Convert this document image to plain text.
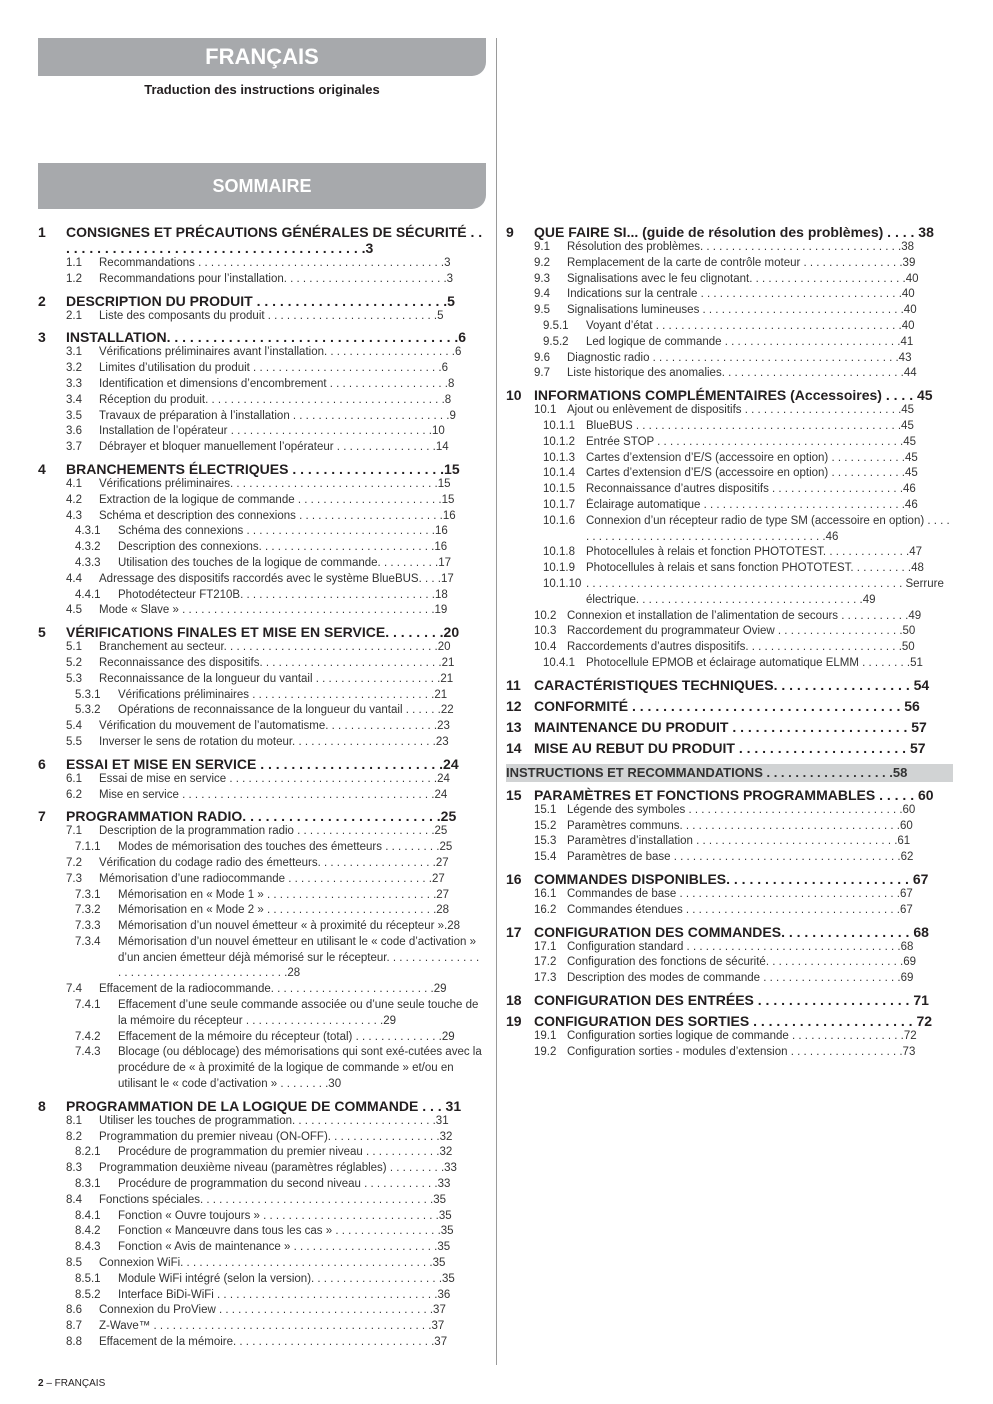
FRANÇAIS
Traduction des instructions originales
SOMMAIRE
1	CONSIGNES ET PRÉCAUTIONS GÉNÉRALES DE SÉCURITÉ . . . . . . . . . . . . . . . . . . . . . . . . . . . . . . . . . . . . . . . . .3
1.1	Recommandations . . . . . . . . . . . . . . . . . . . . . . . . . . . . . . . . . . . . . . .3
1.2	Recommandations pour l’installation. . . . . . . . . . . . . . . . . . . . . . . . . .3
2	DESCRIPTION DU PRODUIT . . . . . . . . . . . . . . . . . . . . . . . . .5
2.1	Liste des composants du produit . . . . . . . . . . . . . . . . . . . . . . . . . . .5
3	INSTALLATION. . . . . . . . . . . . . . . . . . . . . . . . . . . . . . . . . . . . . .6
3.1	Vérifications préliminaires avant l’installation. . . . . . . . . . . . . . . . . . . . .6
3.2	Limites d’utilisation du produit . . . . . . . . . . . . . . . . . . . . . . . . . . . . . .6
3.3	Identification et dimensions d’encombrement . . . . . . . . . . . . . . . . . . .8
3.4	Réception du produit. . . . . . . . . . . . . . . . . . . . . . . . . . . . . . . . . . . . . .8
3.5	Travaux de préparation à l’installation . . . . . . . . . . . . . . . . . . . . . . . . .9
3.6	Installation de l’opérateur . . . . . . . . . . . . . . . . . . . . . . . . . . . . . . . .10
3.7	Débrayer et bloquer manuellement l’opérateur . . . . . . . . . . . . . . . .14
4	BRANCHEMENTS ÉLECTRIQUES . . . . . . . . . . . . . . . . . . . .15
4.1	Vérifications préliminaires. . . . . . . . . . . . . . . . . . . . . . . . . . . . . . . . .15
4.2	Extraction de la logique de commande . . . . . . . . . . . . . . . . . . . . . . .15
4.3	Schéma et description des connexions . . . . . . . . . . . . . . . . . . . . . . .16
4.3.1	Schéma des connexions . . . . . . . . . . . . . . . . . . . . . . . . . . . . . .16
4.3.2	Description des connexions. . . . . . . . . . . . . . . . . . . . . . . . . . . .16
4.3.3	Utilisation des touches de la logique de commande. . . . . . . . . .17
4.4	Adressage des dispositifs raccordés avec le système BlueBUS. . . .17
4.4.1	Photodétecteur FT210B. . . . . . . . . . . . . . . . . . . . . . . . . . . . . . .18
4.5	Mode « Slave » . . . . . . . . . . . . . . . . . . . . . . . . . . . . . . . . . . . . . . . .19
5	VÉRIFICATIONS FINALES ET MISE EN SERVICE. . . . . . . .20
5.1	Branchement au secteur. . . . . . . . . . . . . . . . . . . . . . . . . . . . . . . . . .20
5.2	Reconnaissance des dispositifs. . . . . . . . . . . . . . . . . . . . . . . . . . . . .21
5.3	Reconnaissance de la longueur du vantail . . . . . . . . . . . . . . . . . . . .21
5.3.1	Vérifications préliminaires . . . . . . . . . . . . . . . . . . . . . . . . . . . . .21
5.3.2	Opérations de reconnaissance de la longueur du vantail . . . . . .22
5.4	Vérification du mouvement de l’automatisme. . . . . . . . . . . . . . . . . .23
5.5	Inverser le sens de rotation du moteur. . . . . . . . . . . . . . . . . . . . . . .23
6	ESSAI ET MISE EN SERVICE . . . . . . . . . . . . . . . . . . . . . . . .24
6.1	Essai de mise en service . . . . . . . . . . . . . . . . . . . . . . . . . . . . . . . . .24
6.2	Mise en service . . . . . . . . . . . . . . . . . . . . . . . . . . . . . . . . . . . . . . . .24
7	PROGRAMMATION RADIO. . . . . . . . . . . . . . . . . . . . . . . . . .25
7.1	Description de la programmation radio . . . . . . . . . . . . . . . . . . . . . .25
7.1.1	Modes de mémorisation des touches des émetteurs . . . . . . . . .25
7.2	Vérification du codage radio des émetteurs. . . . . . . . . . . . . . . . . . .27
7.3	Mémorisation d’une radiocommande . . . . . . . . . . . . . . . . . . . . . . .27
7.3.1	Mémorisation en « Mode 1 » . . . . . . . . . . . . . . . . . . . . . . . . . . .27
7.3.2	Mémorisation en « Mode 2 » . . . . . . . . . . . . . . . . . . . . . . . . . . .28
7.3.3	Mémorisation d’un nouvel émetteur « à proximité du récepteur ».28
7.3.4	Mémorisation d’un nouvel émetteur en utilisant le « code d’activation » d’un ancien émetteur déjà mémorisé sur le récepteur. . . . . . . . . . . . . . . . . . . . . . . . . . . . . . . . . . . . . . . . . .28
7.4	Effacement de la radiocommande. . . . . . . . . . . . . . . . . . . . . . . . . .29
7.4.1	Effacement d’une seule commande associée ou d’une seule touche de la mémoire du récepteur . . . . . . . . . . . . . . . . . . . . . .29
7.4.2	Effacement de la mémoire du récepteur (total) . . . . . . . . . . . . . .29
7.4.3	Blocage (ou déblocage) des mémorisations qui sont exé-cutées avec la procédure de « à proximité de la logique de commande » et/ou en utilisant le « code d’activation » . . . . . . . .30
8	PROGRAMMATION DE LA LOGIQUE DE COMMANDE . . . 31
8.1	Utiliser les touches de programmation. . . . . . . . . . . . . . . . . . . . . . .31
8.2	Programmation du premier niveau (ON-OFF). . . . . . . . . . . . . . . . . .32
8.2.1	Procédure de programmation du premier niveau . . . . . . . . . . . .32
8.3	Programmation deuxième niveau (paramètres réglables) . . . . . . . . .33
8.3.1	Procédure de programmation du second niveau . . . . . . . . . . . .33
8.4	Fonctions spéciales. . . . . . . . . . . . . . . . . . . . . . . . . . . . . . . . . . . . .35
8.4.1	Fonction « Ouvre toujours » . . . . . . . . . . . . . . . . . . . . . . . . . . . .35
8.4.2	Fonction « Manœuvre dans tous les cas » . . . . . . . . . . . . . . . . .35
8.4.3	Fonction « Avis de maintenance » . . . . . . . . . . . . . . . . . . . . . . .35
8.5	Connexion WiFi. . . . . . . . . . . . . . . . . . . . . . . . . . . . . . . . . . . . . . . .35
8.5.1	Module WiFi intégré (selon la version). . . . . . . . . . . . . . . . . . . . .35
8.5.2	Interface BiDi-WiFi . . . . . . . . . . . . . . . . . . . . . . . . . . . . . . . . . . .36
8.6	Connexion du ProView . . . . . . . . . . . . . . . . . . . . . . . . . . . . . . . . . .37
8.7	Z-Wave™ . . . . . . . . . . . . . . . . . . . . . . . . . . . . . . . . . . . . . . . . . . . .37
8.8	Effacement de la mémoire. . . . . . . . . . . . . . . . . . . . . . . . . . . . . . . .37
9	QUE FAIRE SI... (guide de résolution des problèmes) . . . . 38
9.1	Résolution des problèmes. . . . . . . . . . . . . . . . . . . . . . . . . . . . . . . .38
9.2	Remplacement de la carte de contrôle moteur . . . . . . . . . . . . . . . .39
9.3	Signalisations avec le feu clignotant. . . . . . . . . . . . . . . . . . . . . . . . .40
9.4	Indications sur la centrale . . . . . . . . . . . . . . . . . . . . . . . . . . . . . . . .40
9.5	Signalisations lumineuses . . . . . . . . . . . . . . . . . . . . . . . . . . . . . . . .40
9.5.1	Voyant d’état . . . . . . . . . . . . . . . . . . . . . . . . . . . . . . . . . . . . . . .40
9.5.2	Led logique de commande . . . . . . . . . . . . . . . . . . . . . . . . . . . .41
9.6	Diagnostic radio . . . . . . . . . . . . . . . . . . . . . . . . . . . . . . . . . . . . . . .43
9.7	Liste historique des anomalies. . . . . . . . . . . . . . . . . . . . . . . . . . . . .44
10 INFORMATIONS COMPLÉMENTAIRES (Accessoires) . . . . 45
10.1 Ajout ou enlèvement de dispositifs . . . . . . . . . . . . . . . . . . . . . . . . .45
10.1.1 BlueBUS . . . . . . . . . . . . . . . . . . . . . . . . . . . . . . . . . . . . . . . . . .45
10.1.2 Entrée STOP . . . . . . . . . . . . . . . . . . . . . . . . . . . . . . . . . . . . . . .45
10.1.3 Cartes d’extension d’E/S (accessoire en option) . . . . . . . . . . . .45
10.1.4 Cartes d’extension d’E/S (accessoire en option) . . . . . . . . . . . .45
10.1.5 Reconnaissance d’autres dispositifs . . . . . . . . . . . . . . . . . . . . .46
10.1.7 Éclairage automatique . . . . . . . . . . . . . . . . . . . . . . . . . . . . . . . .46
10.1.6 Connexion d’un récepteur radio de type SM (accessoire en option) . . . . . . . . . . . . . . . . . . . . . . . . . . . . . . . . . . . . . . . . . .46
10.1.8 Photocellules à relais et fonction PHOTOTEST. . . . . . . . . . . . . .47
10.1.9 Photocellules à relais et sans fonction PHOTOTEST. . . . . . . . . .48
10.1.10 . . . . . . . . . . . . . . . . . . . . . . . . . . . . . . . . . . . . . . . . . . . . . . . . . . Serrure électrique. . . . . . . . . . . . . . . . . . . . . . . . . . . . . . . . . . . .49
10.2 Connexion et installation de l’alimentation de secours . . . . . . . . . . .49
10.3 Raccordement du programmateur Oview . . . . . . . . . . . . . . . . . . . .50
10.4 Raccordements d’autres dispositifs. . . . . . . . . . . . . . . . . . . . . . . . .50
10.4.1 Photocellule EPMOB et éclairage automatique ELMM . . . . . . . .51
11 CARACTÉRISTIQUES TECHNIQUES. . . . . . . . . . . . . . . . . . 54
12 CONFORMITÉ . . . . . . . . . . . . . . . . . . . . . . . . . . . . . . . . . . . 56
13 MAINTENANCE DU PRODUIT . . . . . . . . . . . . . . . . . . . . . . . 57
14 MISE AU REBUT DU PRODUIT . . . . . . . . . . . . . . . . . . . . . . 57
INSTRUCTIONS ET RECOMMANDATIONS . . . . . . . . . . . . . . . . . .58
15 PARAMÈTRES ET FONCTIONS PROGRAMMABLES . . . . . 60
15.1 Légende des symboles . . . . . . . . . . . . . . . . . . . . . . . . . . . . . . . . . .60
15.2 Paramètres communs. . . . . . . . . . . . . . . . . . . . . . . . . . . . . . . . . . .60
15.3 Paramètres d’installation . . . . . . . . . . . . . . . . . . . . . . . . . . . . . . . .61
15.4 Paramètres de base . . . . . . . . . . . . . . . . . . . . . . . . . . . . . . . . . . . .62
16 COMMANDES DISPONIBLES. . . . . . . . . . . . . . . . . . . . . . . . 67
16.1 Commandes de base . . . . . . . . . . . . . . . . . . . . . . . . . . . . . . . . . . .67
16.2 Commandes étendues . . . . . . . . . . . . . . . . . . . . . . . . . . . . . . . . . .67
17 CONFIGURATION DES COMMANDES. . . . . . . . . . . . . . . . . 68
17.1 Configuration standard . . . . . . . . . . . . . . . . . . . . . . . . . . . . . . . . . .68
17.2 Configuration des fonctions de sécurité. . . . . . . . . . . . . . . . . . . . . .69
17.3 Description des modes de commande . . . . . . . . . . . . . . . . . . . . . .69
18 CONFIGURATION DES ENTRÉES . . . . . . . . . . . . . . . . . . . . 71
19 CONFIGURATION DES SORTIES . . . . . . . . . . . . . . . . . . . . . 72
19.1 Configuration sorties logique de commande . . . . . . . . . . . . . . . . . .72
19.2 Configuration sorties - modules d’extension . . . . . . . . . . . . . . . . . .73
2 – FRANÇAIS
